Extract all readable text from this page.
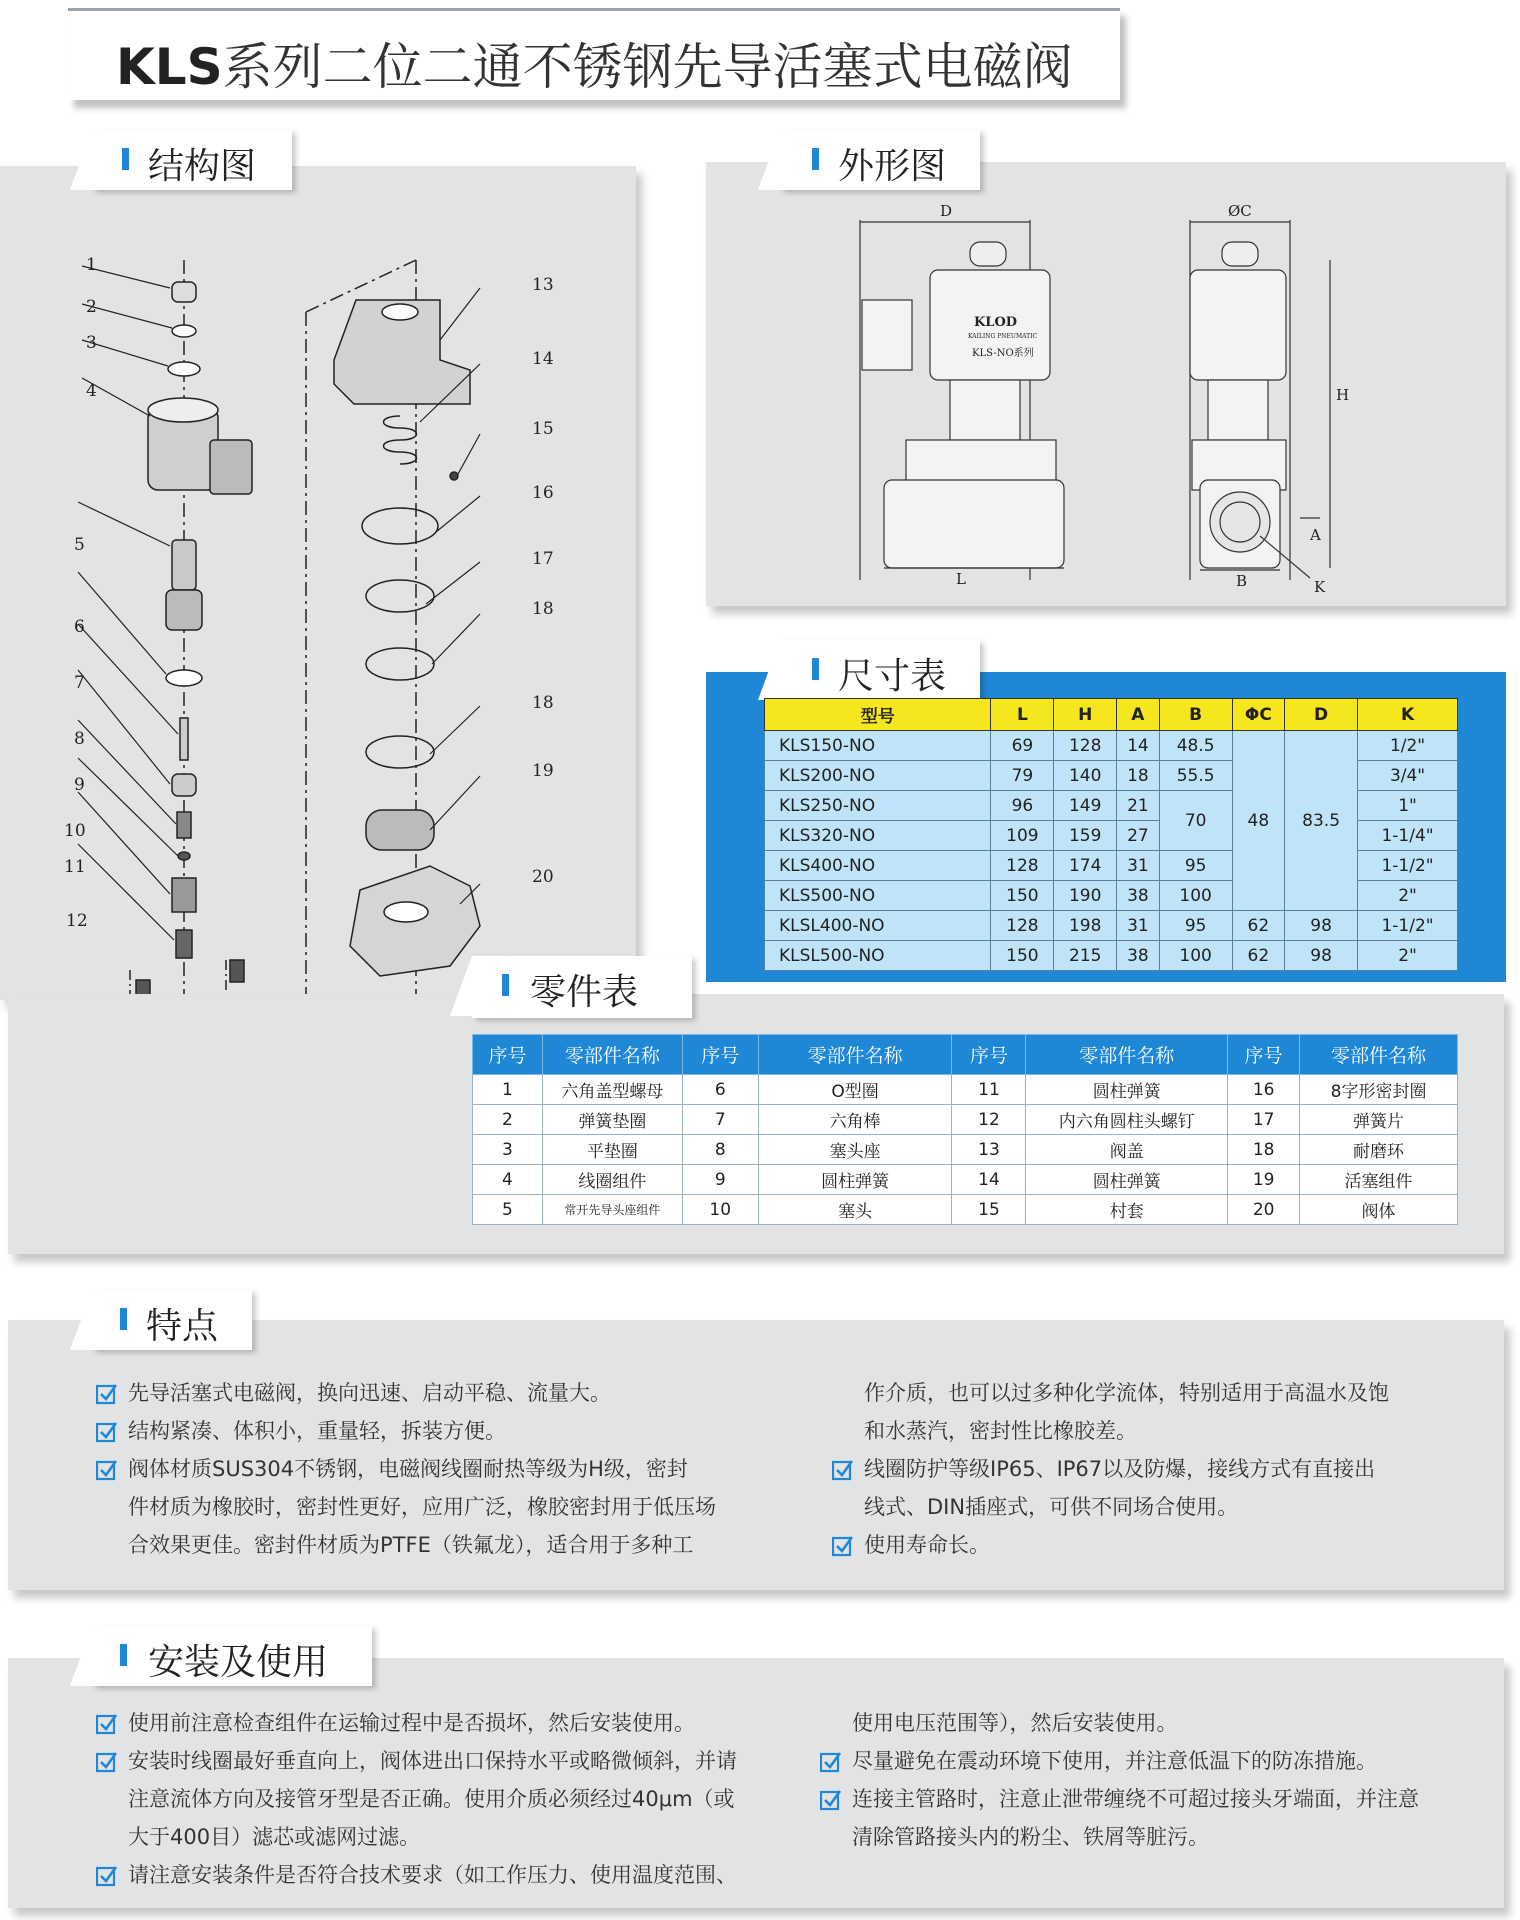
KLS系列二位二通不锈钢先导活塞式电磁阀
结构图	外形图
1
2
3
4
5
6
7
8
9
10
11
12
13
14
15
16
17
18
18
19
20
D	ØC
H
A
L	B	K
KLOD
KAILING PNEUMATIC
KLS-NO系列
尺寸表
型号	L	H	A	B	ΦC	D	K
KLS150-NO	69	128	14	48.5	48	83.5	1/2"
KLS200-NO	79	140	18	55.5			3/4"
KLS250-NO	96	149	21	70			1"
KLS320-NO	109	159	27				1-1/4"
KLS400-NO	128	174	31	95			1-1/2"
KLS500-NO	150	190	38	100			2"
KLSL400-NO	128	198	31	95	62	98	1-1/2"
KLSL500-NO	150	215	38	100	62	98	2"
零件表
序号	零部件名称	序号	零部件名称	序号	零部件名称	序号	零部件名称
1	六角盖型螺母	6	O型圈	11	圆柱弹簧	16	8字形密封圈
2	弹簧垫圈	7	六角棒	12	内六角圆柱头螺钉	17	弹簧片
3	平垫圈	8	塞头座	13	阀盖	18	耐磨环
4	线圈组件	9	圆柱弹簧	14	圆柱弹簧	19	活塞组件
5	常开先导头座组件	10	塞头	15	村套	20	阀体
特点
先导活塞式电磁阀，换向迅速、启动平稳、流量大。
结构紧凑、体积小，重量轻，拆装方便。
阀体材质SUS304不锈钢，电磁阀线圈耐热等级为H级，密封
件材质为橡胶时，密封性更好，应用广泛，橡胶密封用于低压场
合效果更佳。密封件材质为PTFE（铁氟龙），适合用于多种工
作介质，也可以过多种化学流体，特别适用于高温水及饱
和水蒸汽，密封性比橡胶差。
线圈防护等级IP65、IP67以及防爆，接线方式有直接出
线式、DIN插座式，可供不同场合使用。
使用寿命长。
安装及使用
使用前注意检查组件在运输过程中是否损坏，然后安装使用。
安装时线圈最好垂直向上，阀体进出口保持水平或略微倾斜，并请
注意流体方向及接管牙型是否正确。使用介质必须经过40μm（或
大于400目）滤芯或滤网过滤。
请注意安装条件是否符合技术要求（如工作压力、使用温度范围、
使用电压范围等），然后安装使用。
尽量避免在震动环境下使用，并注意低温下的防冻措施。
连接主管路时，注意止泄带缠绕不可超过接头牙端面，并注意
清除管路接头内的粉尘、铁屑等脏污。
